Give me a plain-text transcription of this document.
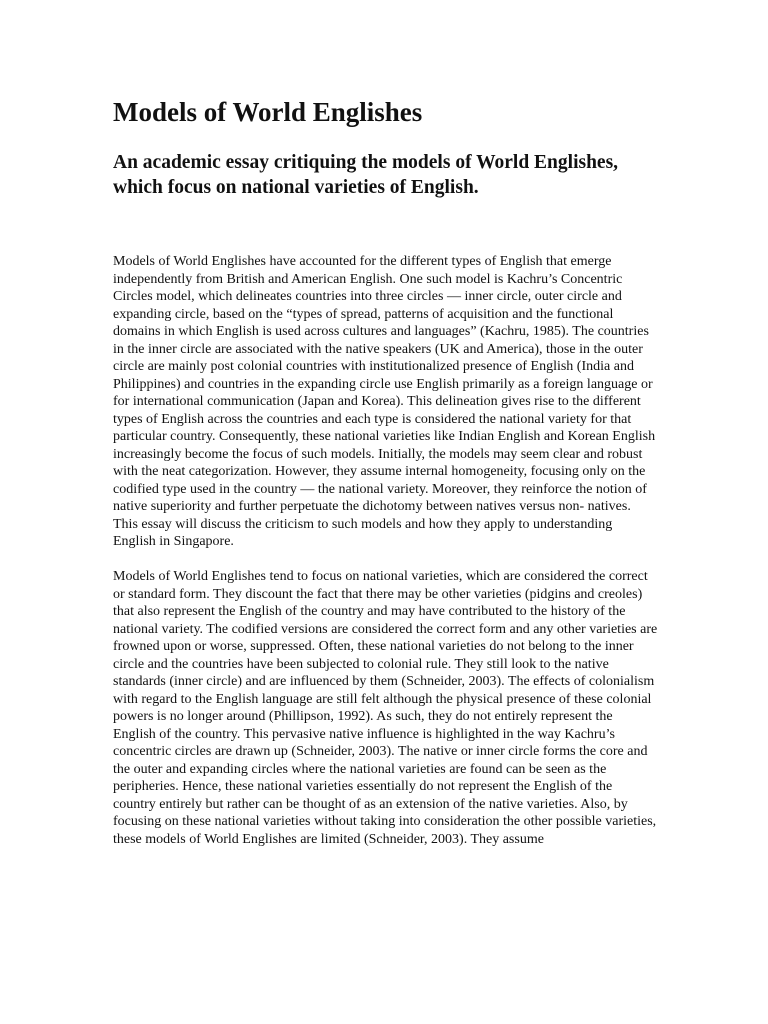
Models of World Englishes
An academic essay critiquing the models of World Englishes, which focus on national varieties of English.

Models of World Englishes have accounted for the different types of English that emerge independently from British and American English. One such model is Kachru’s Concentric Circles model, which delineates countries into three circles — inner circle, outer circle and expanding circle, based on the “types of spread, patterns of acquisition and the functional domains in which English is used across cultures and languages” (Kachru, 1985). The countries in the inner circle are associated with the native speakers (UK and America), those in the outer circle are mainly post colonial countries with institutionalized presence of English (India and Philippines) and countries in the expanding circle use English primarily as a foreign language or for international communication (Japan and Korea). This delineation gives rise to the different types of English across the countries and each type is considered the national variety for that particular country. Consequently, these national varieties like Indian English and Korean English increasingly become the focus of such models. Initially, the models may seem clear and robust with the neat categorization. However, they assume internal homogeneity, focusing only on the codified type used in the country — the national variety. Moreover, they reinforce the notion of native superiority and further perpetuate the dichotomy between natives versus non- natives. This essay will discuss the criticism to such models and how they apply to understanding English in Singapore.

Models of World Englishes tend to focus on national varieties, which are considered the correct or standard form. They discount the fact that there may be other varieties (pidgins and creoles) that also represent the English of the country and may have contributed to the history of the national variety. The codified versions are considered the correct form and any other varieties are frowned upon or worse, suppressed. Often, these national varieties do not belong to the inner circle and the countries have been subjected to colonial rule. They still look to the native standards (inner circle) and are influenced by them (Schneider, 2003). The effects of colonialism with regard to the English language are still felt although the physical presence of these colonial powers is no longer around (Phillipson, 1992). As such, they do not entirely represent the English of the country. This pervasive native influence is highlighted in the way Kachru’s concentric circles are drawn up (Schneider, 2003). The native or inner circle forms the core and the outer and expanding circles where the national varieties are found can be seen as the peripheries. Hence, these national varieties essentially do not represent the English of the country entirely but rather can be thought of as an extension of the native varieties. Also, by focusing on these national varieties without taking into consideration the other possible varieties, these models of World Englishes are limited (Schneider, 2003). They assume
